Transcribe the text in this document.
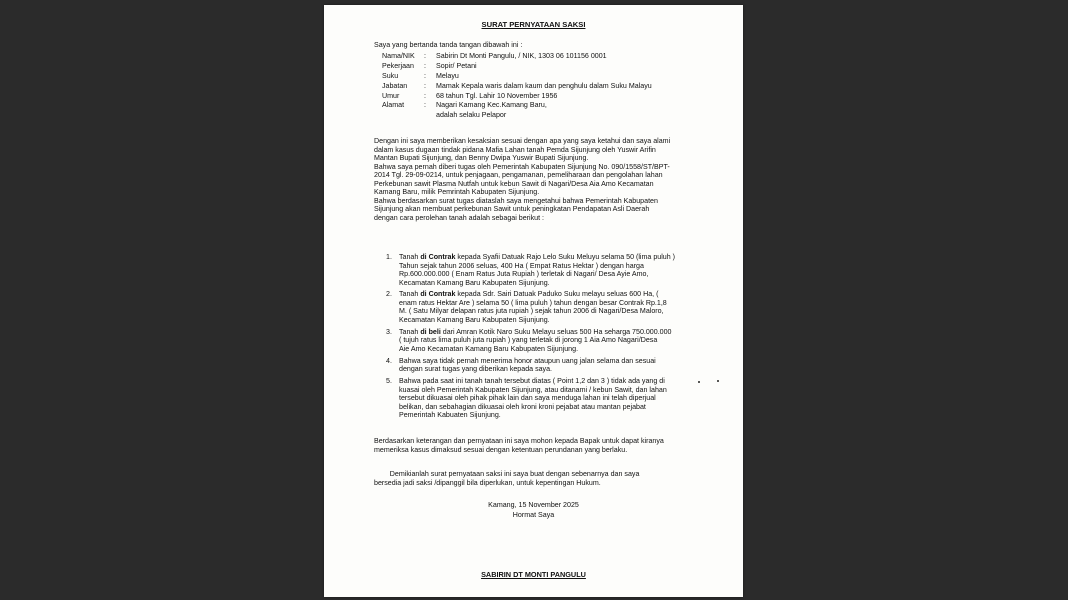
SURAT PERNYATAAN SAKSI
Saya yang bertanda tanda tangan dibawah ini :
Nama/NIK	:	Sabirin Dt Monti Pangulu, / NIK, 1303 06 101156 0001
Pekerjaan	:	Sopir/ Petani
Suku	:	Melayu
Jabatan	:	Mamak Kepala waris dalam kaum dan penghulu dalam Suku Malayu
Umur	:	68 tahun Tgl. Lahir 10 November 1956
Alamat	:	Nagari Kamang Kec.Kamang Baru,
adalah selaku Pelapor
Dengan ini saya memberikan kesaksian sesuai dengan apa yang saya ketahui dan saya alami
dalam kasus dugaan tindak pidana Mafia Lahan tanah Pemda Sijunjung oleh Yuswir Arifin
Mantan Bupati Sijunjung, dan Benny Dwipa Yuswir Bupati Sijunjung.
Bahwa saya pernah diberi tugas oleh Pemerintah Kabupaten Sijunjung No. 090/1558/ST/BPT-
2014 Tgl. 29-09-0214, untuk penjagaan, pengamanan, pemeliharaan dan pengolahan lahan
Perkebunan sawit Plasma Nutfah untuk kebun Sawit di Nagari/Desa Aia Amo Kecamatan
Kamang Baru, milik Pemrintah Kabupaten Sijunjung.
Bahwa berdasarkan surat tugas diataslah saya mengetahui bahwa Pemerintah Kabupaten
Sijunjung akan membuat perkebunan Sawit untuk peningkatan Pendapatan Asli Daerah
dengan cara perolehan tanah adalah sebagai berikut :
1. Tanah di Contrak kepada Syafii Datuak Rajo Lelo Suku Meluyu selama 50 (lima puluh )
Tahun sejak tahun 2006 seluas, 400 Ha ( Empat Ratus Hektar ) dengan harga
Rp.600.000.000 ( Enam Ratus Juta Rupiah ) terletak di Nagari/ Desa Ayie Amo,
Kecamatan Kamang Baru Kabupaten Sijunjung.
2. Tanah di Contrak kepada Sdr. Sairi Datuak Paduko Suku melayu seluas 600 Ha, (
enam ratus Hektar Are ) selama 50 ( lima puluh ) tahun dengan besar Contrak Rp.1,8
M. ( Satu Milyar delapan ratus juta rupiah ) sejak tahun 2006 di Nagari/Desa Maloro,
Kecamatan Kamang Baru Kabupaten Sijunjung.
3. Tanah di beli dari Amran Kotik Naro Suku Melayu seluas 500 Ha seharga 750.000.000
( tujuh ratus lima puluh juta rupiah ) yang terletak di jorong 1 Aia Amo Nagari/Desa
Aie Amo Kecamatan Kamang Baru Kabupaten Sijunjung.
4. Bahwa saya tidak pernah menerima honor ataupun uang jalan selama dan sesuai
dengan surat tugas yang diberikan kepada saya.
5. Bahwa pada saat ini tanah tanah tersebut diatas ( Point 1,2 dan 3 ) tidak ada yang di
kuasai oleh Pemerintah Kabupaten Sijunjung, atau ditanami / kebun Sawit, dan lahan
tersebut dikuasai oleh pihak pihak lain dan saya menduga lahan ini telah diperjual
belikan, dan sebahagian dikuasai oleh kroni kroni pejabat atau mantan pejabat
Pemerintah Kabuaten Sijunjung.
Berdasarkan keterangan dan pernyataan ini saya mohon kepada Bapak untuk dapat kiranya
memeriksa kasus dimaksud sesuai dengan ketentuan perundanan yang berlaku.
Demikianlah surat pernyataan saksi ini saya buat dengan sebenarnya dan saya
bersedia jadi saksi /dipanggil bila diperlukan, untuk kepentingan Hukum.
Kamang, 15 November 2025
Hormat Saya
SABIRIN DT MONTI PANGULU
